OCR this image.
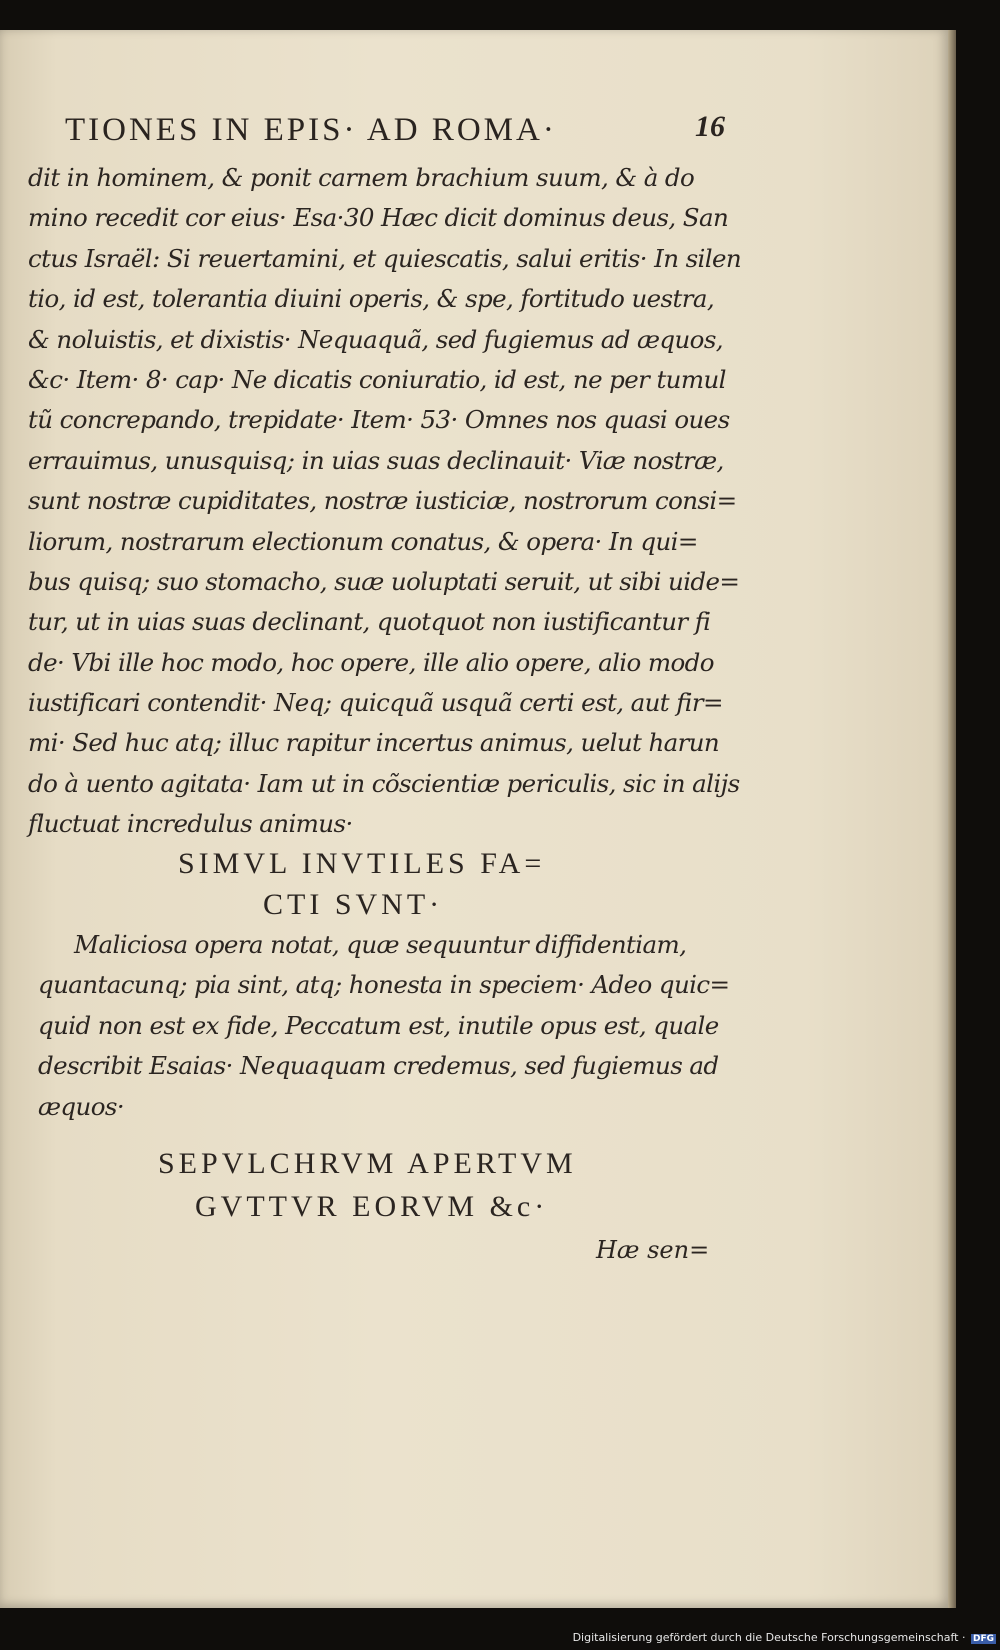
TIONES IN EPIS· AD ROMA·	16
dit in hominem, & ponit carnem brachium suum, & à do
mino recedit cor eius· Esa·30 Hæc dicit dominus deus, San
ctus Israël: Si reuertamini, et quiescatis, salui eritis· In silen
tio, id est, tolerantia diuini operis, & spe, fortitudo uestra,
& noluistis, et dixistis· Nequaquã, sed fugiemus ad æquos,
&c· Item· 8· cap· Ne dicatis coniuratio, id est, ne per tumul
tũ concrepando, trepidate· Item· 53· Omnes nos quasi oues
errauimus, unusquisq; in uias suas declinauit· Viæ nostræ,
sunt nostræ cupiditates, nostræ iusticiæ, nostrorum consi=
liorum, nostrarum electionum conatus, & opera· In qui=
bus quisq; suo stomacho, suæ uoluptati seruit, ut sibi uide=
tur, ut in uias suas declinant, quotquot non iustificantur fi
de· Vbi ille hoc modo, hoc opere, ille alio opere, alio modo
iustificari contendit· Neq; quicquã usquã certi est, aut fir=
mi· Sed huc atq; illuc rapitur incertus animus, uelut harun
do à uento agitata· Iam ut in cõscientiæ periculis, sic in alijs
fluctuat incredulus animus·
SIMVL INVTILES FA=
CTI SVNT·
Maliciosa opera notat, quæ sequuntur diffidentiam,
quantacunq; pia sint, atq; honesta in speciem· Adeo quic=
quid non est ex fide, Peccatum est, inutile opus est, quale
describit Esaias· Nequaquam credemus, sed fugiemus ad
æquos·
SEPVLCHRVM APERTVM
GVTTVR EORVM &c·
Hæ sen=
Digitalisierung gefördert durch die Deutsche Forschungsgemeinschaft · DFG
